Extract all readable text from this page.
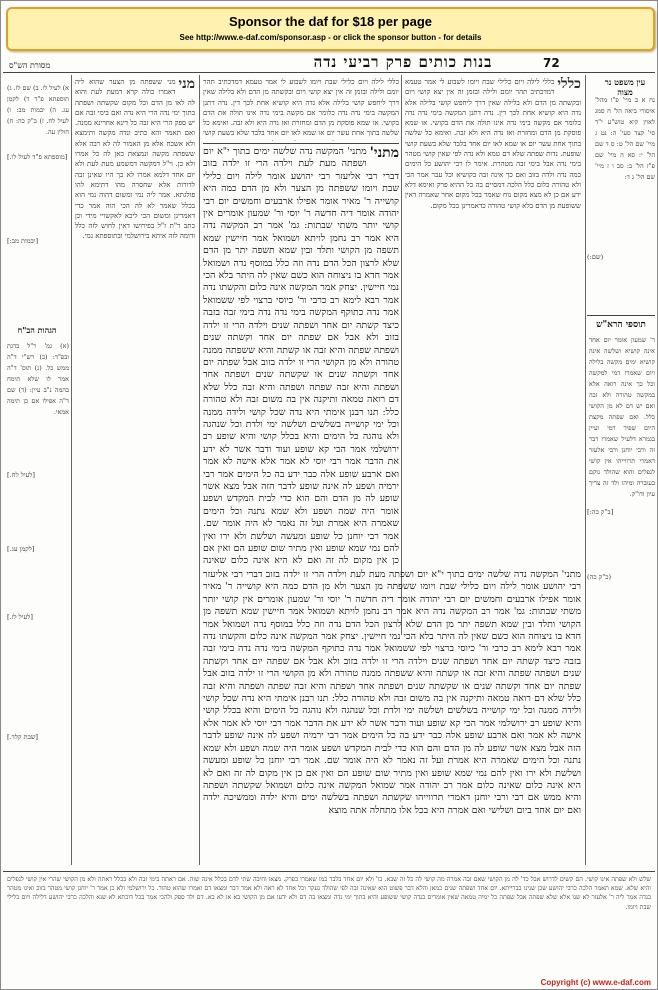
Sponsor the daf for $18 per page
See http://www.e-daf.com/sponsor.asp - or click the sponsor button - for details
מסורת הש"ס	בנות כותים פרק רביעי נדה	72
עין משפט נר מצוה
נח א ב מיי' פ"ו מהל' איסורי ביאה הל' ח סמג לאוין קיא טוש"ע י"ד סי' קצד סעי' ה: נט ג מיי' שם הל' ט: ס ד שם הל' י: סא ה מיי' שם פ"ז הל' ב: סב ו ז מיי' שם הל' ג ד:
תוספי הרא"ש
ר' שמעון אומר יום אחד אינה קושיא ושלשה אינה קושיא ימים מקשה בלילה ויום שאמרו דמי למקשה וכל כך אינה רואה אלא במקשה טהורה ולא זבה ואם יש דם לא מן הקושי כלל. ואם שפתה מקצת היום שפיר דמי ועיין בגמרא דלעיל שאמרו דבר זה ורבי יוחנן ורבי אלעזר דאמרי תרווייהו אין קושי לנפלים והוא שהולד נוקם בעוברה ומיהו ולד זה צריך עיון ודו"ק.
(שם:)
[ב"ק כה:]
(כ"ק כה)
כללי
כללי לילה ויום כלילי שבת ויומו לשבוע לי אמר טעמא דמדכתיב תהר יומם ולילה ובזמן זה אין יצא קושי ויום ובקשתה מן הדם ולא בלילה שאין דרך ליחפש קושי בלילה אלא נדה היא קושיא אחת לכך דין. נדה דתנן המקשה בימי נדה נדה כלומר אם מקשה בימי נדה אינו תולה את הדם בקושי. או שמא פוסקת מן הדם ומחזרת ואז נדה היא ולא זבה. ואימא כל שלשה בתוך אחת עשר יום או שמא לאו יום אחד בלבד שלא בשעת קושי שופעת. נדות שפתה שלא דם טמא ולא נדה לפי שאין קושי מטהר בימי נדה אבל בימי זבה מטהרת. אימר לו רבי יהושע כל הימים כמה נדה ולדה בזוב ואם כך אינה זבה בקושיא וכל עבר אמר הכי ולא טהורה כלום כלל הלכה דמסיים בה כל ההיא פרק ואימא דלא ידע אם כן לא מצא מקום נוח שאמר בכל מקום אחר שאמרה דאין ששופעת מן הדם בלא קושי טהורה כדאמרינן בכל מקום.
מתני'
מתני' המקשה נדה שלשה ימים בתוך י"א יום ושפתה מעת לעת וילדה הרי זו ילדה בזוב דברי רבי אליעזר רבי יהושע אומר לילה ויום כלילי שבת ויומו ששפתה מן הצער ולא מן הדם כמה היא קושייה ר' מאיר אומר אפילו ארבעים וחמשים יום רבי יהודה אומר דיה חדשה ר' יוסי ור' שמעון אומרים אין קושי יותר משתי שבתות: גמ' אמר רב המקשה נדה היא אמר רב נחמן לויתא ושמואל אמר חיישין שמא תשפה מן הקושי ותלד ובין שמא תשפה יתר מן הדם שלא לרצון הכל הדם נדה וזה כלל במוסף נדה ושמואל אמר חדא בו ניצוחה הוא כשם שאין לה היתר בלא הכי נמי חיישין. יצחק אמר המקשה אינה כלום והקשתו נדה אמר רבא לימא רב כרבי ור' כיוסי ברצוי לפי ששמואל אמר נדה כתוקף המקשה בימי נדה נדה בימי זבה בזבה כיצד קשתה יום אחד ושפתה שנים וילדה הרי זו ילדה בזוב ולא אבל אם שפתה יום אחד וקשתה שנים ושפתה שפתה והיא זבה או קשתה והיא ששפתה ממנה טהורה ולא מן הקושי הרי זו ילדה בזוב אבל שפתה יום אחד וקשתה שנים או שקשתה שנים ושפתה אחד ושפתה והיא זבה שפתה ושפתה והיא זבה כלל שלא דם רואה טמאה ותיקנה אין בה משום זבה ולא טהורה כלל: תנו רבנן אימתי היא נדה שכל קושי ולידה ממנה וכל ימי קושייה בשלשים ושלשה ימי ולדת וכל שנהגה ולא נוהגה כל הימים והיא בכלל קושי והיא שופע רב ירושלמי אמר הכי קא שופע ועוד ודבר אשר לא ידע את הדבר אמר רבי יוסי לא אמר אלא אישה לא אמר ואם ארבע שופע אלה כבר ידע בה כל הימים אמר רבי ירמיה ושפע לה אינה שופע לדבר הזה אבל מצא אשר שופע לה מן הדם והם הוא כדי לבית המקדש ושפע אומר היה שמה ושפע ולא שמא נתנה וכל הימים שאמרה היא אמרת ועל זה נאמר לא היה אומר שם. אמר רבי יוחנן כל שופע ומעשה ושלשת ולא ירו ואין להם נמי שמא שופע ואין מתיר שום שופע הם ואין אם כן אין מקום לה זה ואם לא היא אינה כלום שאינה
כללי לילה ויום כלילי שבת ויומו לשבוע לי אמר טעמא דמדכתיב תהר יומם ולילה ובזמן זה אין יצא קושי ויום ובקשתה מן הדם ולא בלילה שאין דרך ליחפש קושי בלילה אלא נדה היא קושיא אחת לכך דין. נדה דתנן המקשה בימי נדה נדה כלומר אם מקשה בימי נדה אינו תולה את הדם בקושי. או שמא פוסקת מן הדם ומחזרת ואז נדה היא ולא זבה. ואימא כל שלשה בתוך אחת עשר יום או שמא לאו יום אחד בלבד שלא בשעת קושי
מתני' המקשה נדה שלשה ימים בתוך י"א יום ושפתה מעת לעת וילדה הרי זו ילדה בזוב דברי רבי אליעזר רבי יהושע אומר לילה ויום כלילי שבת ויומו ששפתה מן הצער ולא מן הדם כמה היא קושייה ר' מאיר אומר אפילו ארבעים וחמשים יום רבי יהודה אומר דיה חדשה ר' יוסי ור' שמעון אומרים אין קושי יותר משתי שבתות: גמ' אמר רב המקשה נדה היא אמר רב נחמן לויתא ושמואל אמר חיישין שמא תשפה מן הקושי ותלד ובין שמא תשפה יתר מן הדם שלא לרצון הכל הדם נדה וזה כלל במוסף נדה ושמואל אמר חדא בו ניצוחה הוא כשם שאין לה היתר בלא הכי נמי חיישין. יצחק אמר המקשה אינה כלום והקשתו נדה אמר רבא לימא רב כרבי ור' כיוסי ברצוי לפי ששמואל אמר נדה כתוקף המקשה בימי נדה נדה בימי זבה בזבה כיצד קשתה יום אחד ושפתה שנים וילדה הרי זו ילדה בזוב ולא אבל אם שפתה יום אחד וקשתה שנים ושפתה שפתה והיא זבה או קשתה והיא ששפתה ממנה טהורה ולא מן הקושי הרי זו ילדה בזוב אבל שפתה יום אחד וקשתה שנים או שקשתה שנים ושפתה אחד ושפתה והיא זבה שפתה ושפתה והיא זבה כלל שלא דם רואה טמאה ותיקנה אין בה משום זבה ולא טהורה כלל: תנו רבנן אימתי היא נדה שכל קושי ולידה ממנה וכל ימי קושייה בשלשים ושלשה ימי ולדת וכל שנהגה ולא נוהגה כל הימים והיא בכלל קושי והיא שופע רב ירושלמי אמר הכי קא שופע ועוד ודבר אשר לא ידע את הדבר אמר רבי יוסי לא אמר אלא אישה לא אמר ואם ארבע שופע אלה כבר ידע בה כל הימים אמר רבי ירמיה ושפע לה אינה שופע לדבר הזה אבל מצא אשר שופע לה מן הדם והם הוא כדי לבית המקדש ושפע אומר היה שמה ושפע ולא שמא נתנה וכל הימים שאמרה היא אמרת ועל זה נאמר לא היה אומר שם. אמר רבי יוחנן כל שופע ומעשה ושלשת ולא ירו ואין להם נמי שמא שופע ואין מתיר שום שופע הם ואין אם כן אין מקום לה זה ואם לא היא אינה כלום שאינה כלום אמר רב יהודה אמר שמואל המקשה אינה כלום ושמואל שקשתה ושפתה והיא ממש אם רבי ורבי יוחנן דאמרי תרווייהו שקשתה ושפתה בשלשה ימים והיא ילדה וממשיכה ילדה ואם יום אחד ביום ושלישי ואם אמרה היא בכל אלו מתחלה אתה מוצא
מני
מני ששפתה מן הצער שהוא ליה דאמרו כולה קרא דמעת לעת והוא לה לאו מן הדם וכל מקום שקשתה ושפתה בתוך ימי נדה הרי היא נדה ואם בימי זבה אם יש ספק הרי היא זבה כל דינא אחרינא ממנה. ואם תאמר והא כתיב ונדה מקשה ותימצא ולא אשכח אלא מן האמור לה לא רבה אלא ששפתה מקשה ונמצאת כאן לה כל אמרו ולא כן. וי"ל דמקשה דמשמע מעת לעת ולא יום אחד דלמא אמרו לא כך היו שאינן זבה לדורות אלא שחסרה מהו דתימא להו פולגתא. אמר ליה נמי ומשום דהוה נמי הוא בכלל שאמר לא לה הכי הוה אמר כדי דאמרינן ומשום הכי ליכא לאקשויי מידי וכן כתב ר"ת ז"ל בפירושו דאין לחוש לזה כלל ודומה לזה איתא בירושלמי ובתוספתא נמי.
[מוספתא פ"ד לעיל לו.]
[יבמות מב:]
הגהות הב"ח
(א) גמ' ר"ל בדגת ובפ"ד: (ב) רש"י ד"ה ממש כל. (ג) תוס' ד"ה אמר לו שלא תימח בהמה נ"ב עיין: (ד) שם ד"ה אפילו אם כן תימה אמאי.
[לעיל לח.]
[לקמן עג.]
[לעיל לז.]
[שבת קלד.]
א) לעיל לו. ב) שם לז. ג) תוספתא פ"ד ד) לקמן עג. ה) יבמות מב: ו) לעיל לח. ז) ב"ק כה: ח) חולין עה.
שלש ולא שפתה אינו קושי. הם קשים לדרוש אבל כד' לה מן הקושי שאם זבה אמרה מה קושי לה כל זה שבא. כו' ולא יום אחד בלבד כמו שאמרו בפרק. מצאו וחיבה שתי לדם בכלל אינה שוה. אם ראתה בימי זבה ולא בכלל ראתה ולא מן הקושי שהרי אין קושי לנפלים והיא שלא. שמא תאמר הלכה כרבי יהושע שכן שנינו בברייתא. יום אחד ושפתה שנים כמאן והלא דבר פשוט הוא שאינה זבה לפי שהולד נעקר וכל אחד לא ראה ולא אמר דבר ומצאו דם ואמרו שהוא טהור. כל ירושלמי ולא כן אמר ר' יוחנן קושי מטהר בזוב ואינו מטהר בנדה אמר ליה ר' אלעזר לא שנו אלא שלא שפתה אבל שפתה כל ימיה טמאה שאין אומרים בנדה קושי ששופע והיא בתוך ימי נדה ומצאו בה דם ולא ידעו אם מן הקושי בא או לא בא. דם ולד ספק ולהכי אמר בכל דוכתא לא שנא והלכה כרבי יהושע דלילה ויום כלילי שבת ויומו.
Copyright (c) www.e-daf.com
